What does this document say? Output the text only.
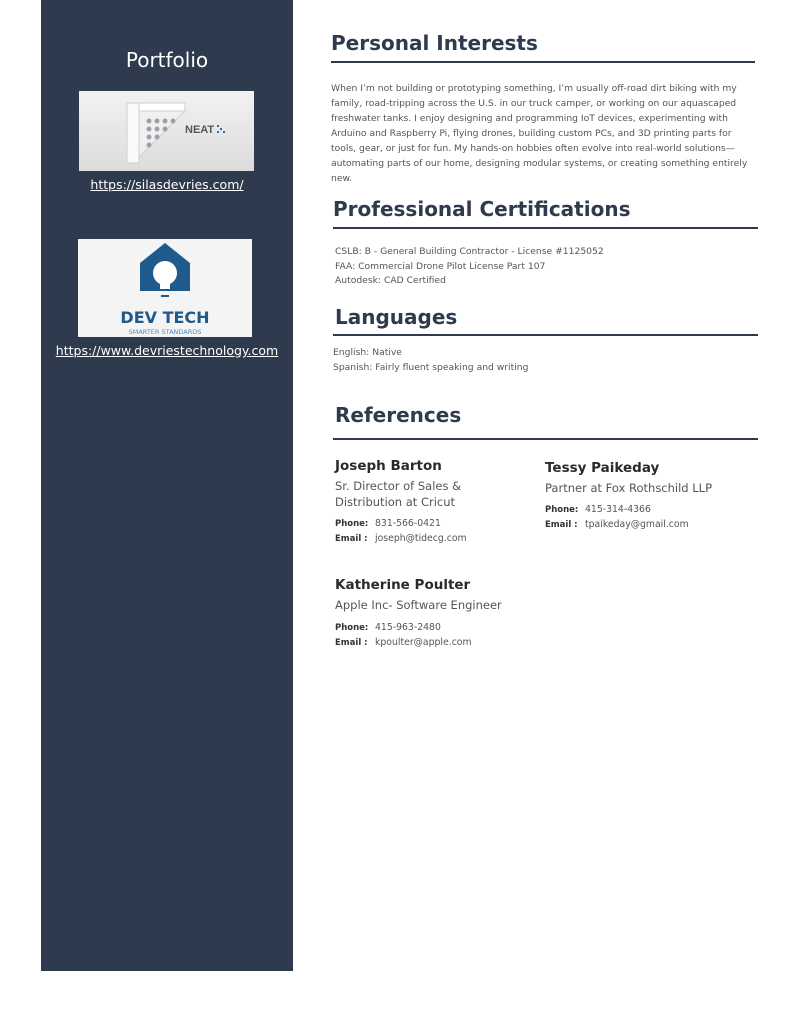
Portfolio
NEAT
https://silasdevries.com/
DEV TECH
SMARTER STANDARDS
https://www.devriestechnology.com
Personal Interests
When I’m not building or prototyping something, I’m usually off-road dirt biking with my
family, road-tripping across the U.S. in our truck camper, or working on our aquascaped
freshwater tanks. I enjoy designing and programming IoT devices, experimenting with
Arduino and Raspberry Pi, flying drones, building custom PCs, and 3D printing parts for
tools, gear, or just for fun. My hands-on hobbies often evolve into real-world solutions—
automating parts of our home, designing modular systems, or creating something entirely
new.
Professional Certifications
CSLB: B - General Building Contractor - License #1125052
FAA: Commercial Drone Pilot License Part 107
Autodesk: CAD Certified
Languages
English: Native
Spanish: Fairly fluent speaking and writing
References
Joseph Barton
Sr. Director of Sales &
Distribution at Cricut
Phone: 831-566-0421
Email : joseph@tidecg.com
Tessy Paikeday
Partner at Fox Rothschild LLP
Phone: 415-314-4366
Email : tpaikeday@gmail.com
Katherine Poulter
Apple Inc- Software Engineer
Phone: 415-963-2480
Email : kpoulter@apple.com
